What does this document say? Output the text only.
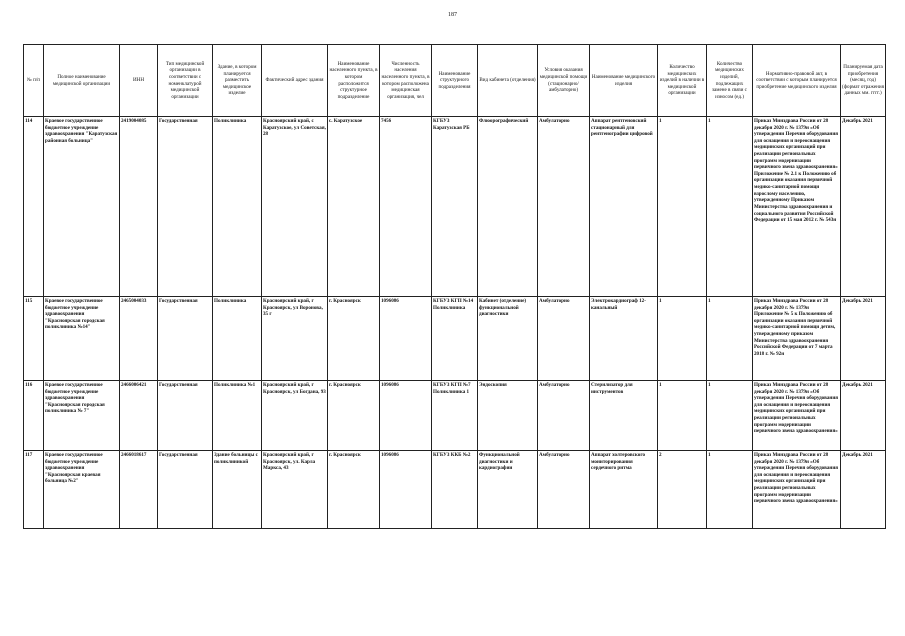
187
№ п/п	Полное наименование медицинской организации	ИНН	Тип медицинской организации в соответствии с номенклатурой медицинской организации	Здание, в котором планируется разместить медицинское изделие	Фактический адрес здания	Наименование населенного пункта, в котором расположится структурное подразделение	Численность населения населенного пункта, в котором расположена медицинская организация, чел	Наименование структурного подразделения	Вид кабинета (отделения)	Условия оказания медицинской помощи (стационарно/амбулаторно)	Наименование медицинского изделия	Количество медицинских изделий в наличии в медицинской организации	Количество медицинских изделий, подлежащих замене в связи с износом (ед.)	Нормативно-правовой акт, в соответствии с которым планируется приобретение медицинского изделия	Планируемая дата приобретения (месяц, год) (формат отражения данных мм. гггг.)
114	Краевое государственное бюджетное учреждение здравоохранения "Каратузская районная больница"	2419004085	Государственная	Поликлиника	Красноярский край, с Каратузское, ул Советская, 28	с. Каратузское	7456	КГБУЗ Каратузская РБ	Флюорографический	Амбулаторно	Аппарат рентгеновский стационарный для рентгенографии цифровой	1	1	Приказ Минздрава России от 28 декабря 2020 г. № 1379н «Об утверждении Перечня оборудования для оснащения и переоснащения медицинских организаций при реализации региональных программ модернизации первичного звена здравоохранения» Приложение № 2.1 к Положению об организации оказания первичной медико-санитарной помощи взрослому населению, утвержденному Приказом Министерства здравоохранения и социального развития Российской Федерации от 15 мая 2012 г. № 543н	Декабрь 2021
115	Краевое государственное бюджетное учреждение здравоохранения "Красноярская городская поликлиника №14"	2465004033	Государственная	Поликлиника	Красноярский край, г Красноярск, ул Воронова, 35 г	г. Красноярск	1096086	КГБУЗ КГП №14 Поликлиника	Кабинет (отделение) функциональной диагностики	Амбулаторно	Электрокардиограф 12-канальный	1	1	Приказ Минздрава России от 28 декабря 2020 г. № 1379н Приложение № 5 к Положению об организации оказания первичной медико-санитарной помощи детям, утвержденному приказом Министерства здравоохранения Российской Федерации от 7 марта 2018 г. № 92н	Декабрь 2021
116	Краевое государственное бюджетное учреждение здравоохранения "Красноярская городская поликлиника № 7"	2466006421	Государственная	Поликлиника №1	Красноярский край, г Красноярск, ул Богдана, 93	г. Красноярск	1096086	КГБУЗ КГП №7 Поликлиника 1	Эндоскопия	Амбулаторно	Стерилизатор для инструментов	1	1	Приказ Минздрава России от 28 декабря 2020 г. № 1379н «Об утверждении Перечня оборудования для оснащения и переоснащения медицинских организаций при реализации региональных программ модернизации первичного звена здравоохранения»	Декабрь 2021
117	Краевое государственное бюджетное учреждение здравоохранения "Красноярская краевая больница №2"	2466018617	Государственная	Здание больницы с поликлиникой	Красноярский край, г Красноярск, ул. Карла Маркса, 43	г. Красноярск	1096086	КГБУЗ ККБ №2	Функциональной диагностики и кардиографии	Амбулаторно	Аппарат холтеровского мониторирования сердечного ритма	2	1	Приказ Минздрава России от 28 декабря 2020 г. № 1379н «Об утверждении Перечня оборудования для оснащения и переоснащения медицинских организаций при реализации региональных программ модернизации первичного звена здравоохранения»	Декабрь 2021
